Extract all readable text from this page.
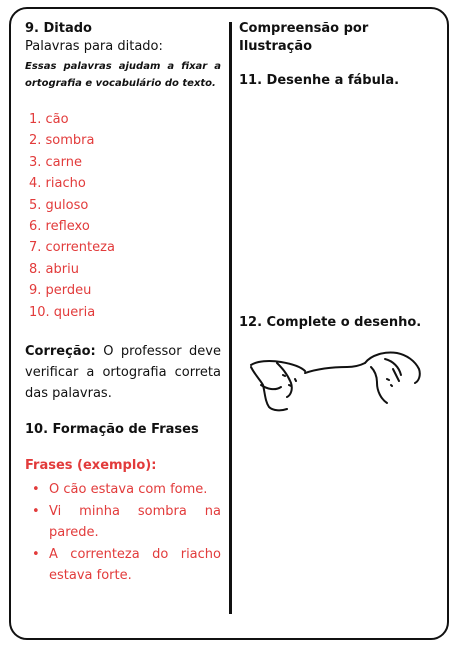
9. Ditado

Palavras para ditado:

Essas palavras ajudam a fixar a ortografia e vocabulário do texto.

1. cão
2. sombra
3. carne
4. riacho
5. guloso
6. reflexo
7. correnteza
8. abriu
9. perdeu
10. queria

Correção: O professor deve verificar a ortografia correta das palavras.

10. Formação de Frases

Frases (exemplo):

• O cão estava com fome.
• Vi minha sombra na parede.
• A correnteza do riacho estava forte.

Compreensão por Ilustração

11. Desenhe a fábula.

12. Complete o desenho.
